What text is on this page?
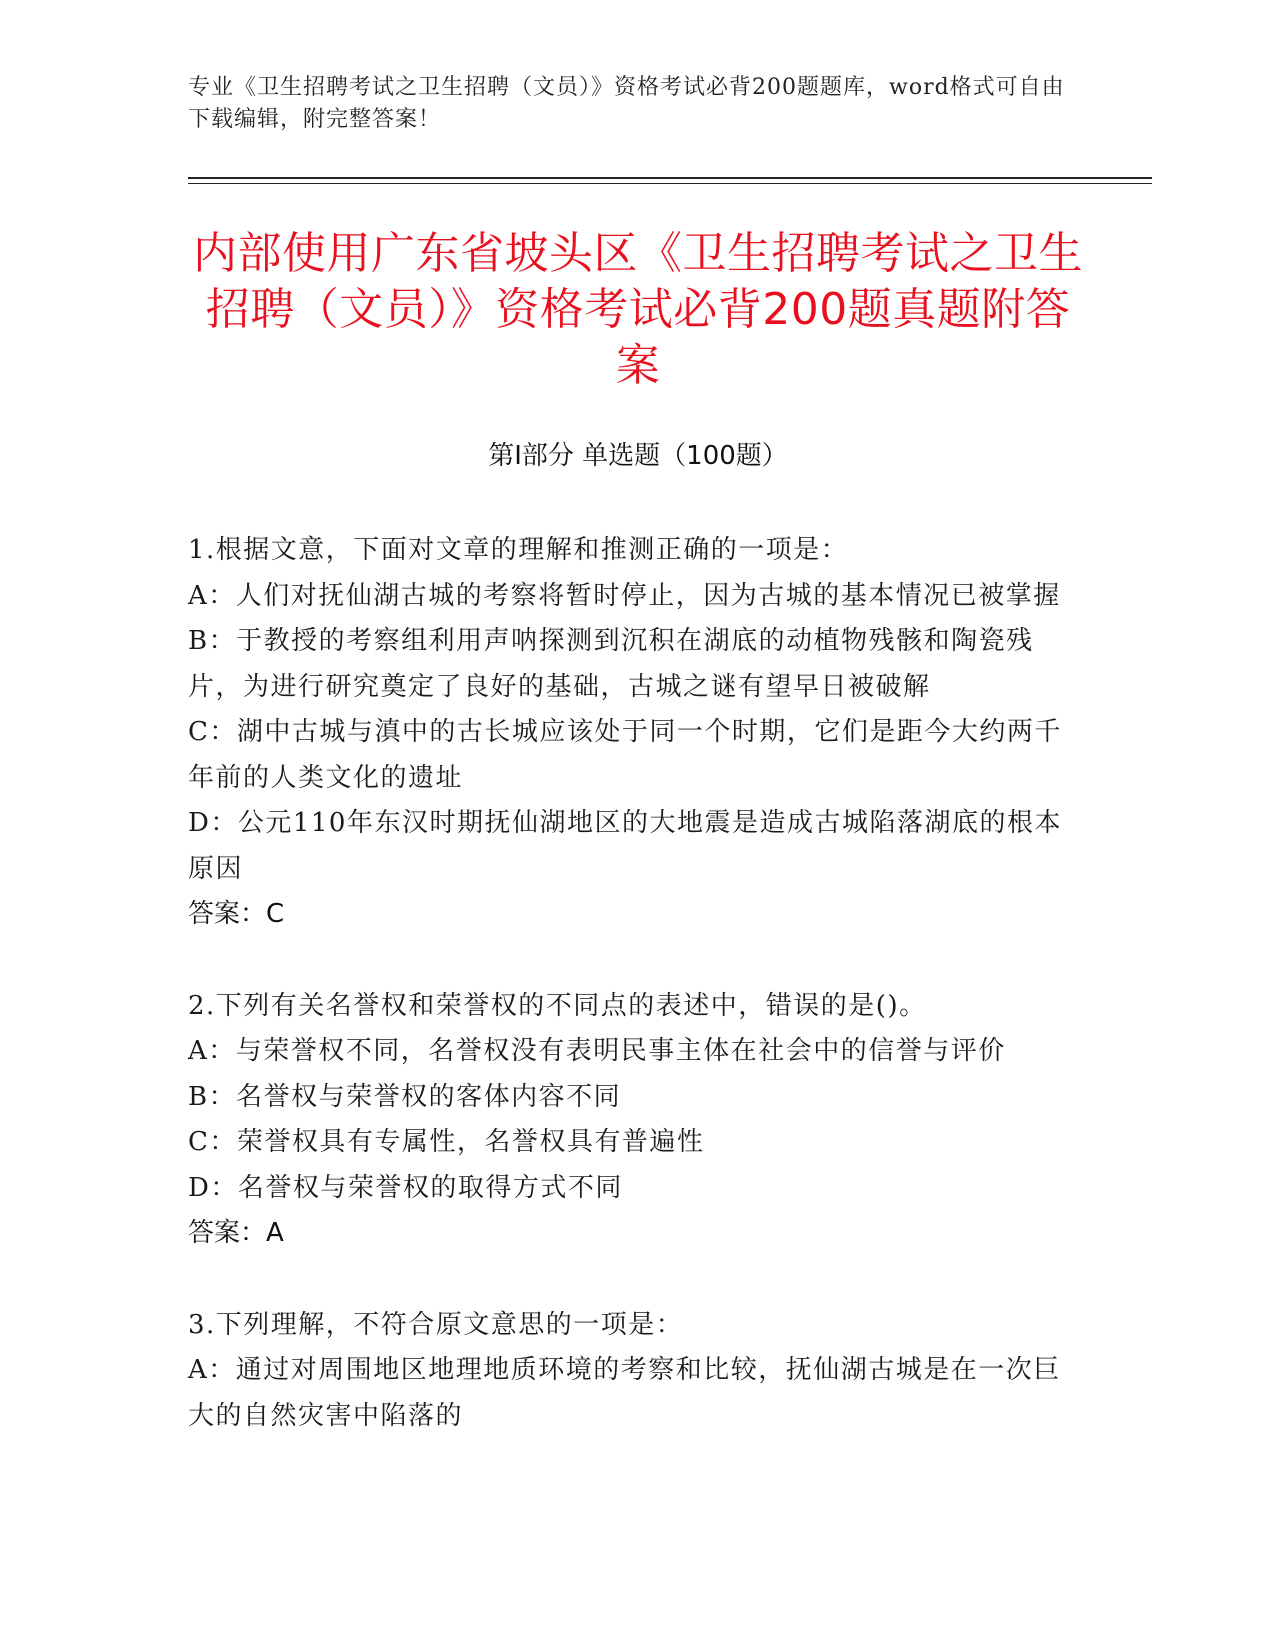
专业《卫生招聘考试之卫生招聘（文员）》资格考试必背200题题库，word格式可自由下载编辑，附完整答案！
内部使用广东省坡头区《卫生招聘考试之卫生招聘（文员）》资格考试必背200题真题附答案
第Ⅰ部分 单选题（100题）

1.根据文意，下面对文章的理解和推测正确的一项是：

A：人们对抚仙湖古城的考察将暂时停止，因为古城的基本情况已被掌握

B：于教授的考察组利用声呐探测到沉积在湖底的动植物残骸和陶瓷残片，为进行研究奠定了良好的基础，古城之谜有望早日被破解

C：湖中古城与滇中的古长城应该处于同一个时期，它们是距今大约两千年前的人类文化的遗址

D：公元110年东汉时期抚仙湖地区的大地震是造成古城陷落湖底的根本原因

答案：C

2.下列有关名誉权和荣誉权的不同点的表述中，错误的是()。

A：与荣誉权不同，名誉权没有表明民事主体在社会中的信誉与评价

B：名誉权与荣誉权的客体内容不同

C：荣誉权具有专属性，名誉权具有普遍性

D：名誉权与荣誉权的取得方式不同

答案：A

3.下列理解，不符合原文意思的一项是：

A：通过对周围地区地理地质环境的考察和比较，抚仙湖古城是在一次巨大的自然灾害中陷落的
